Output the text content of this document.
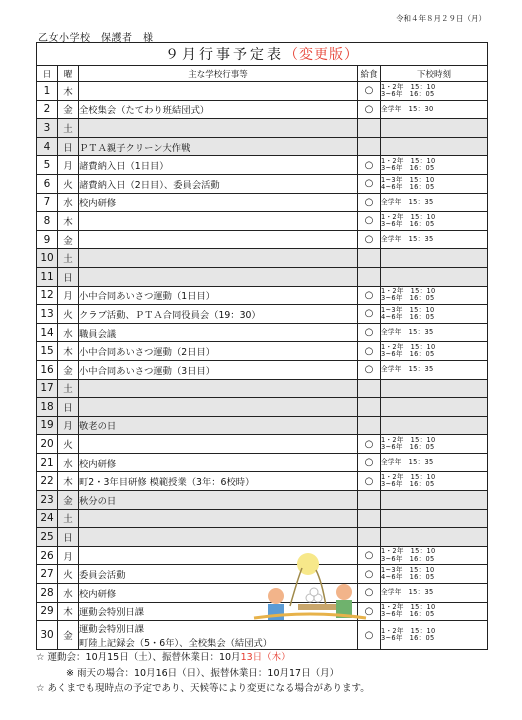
令和４年８月２９日（月）
乙女小学校　保護者　様
９月行事予定表（変更版）				
日	曜	主な学校行事等	給食	下校時刻
1	木		○	1・2年　15：10
3~6年　16：05

2	金	全校集会（たてわり班結団式）	○	全学年　15：30

3	土	

4	日	ＰＴＡ親子クリーン大作戦		

5	月	諸費納入日（1日目）	○	1・2年　15：10
3~6年　16：05

6	火	諸費納入日（2日目）、委員会活動	○	1~3年　15：10
4~6年　16：05

7	水	校内研修	○	全学年　15：35

8	木		○	1・2年　15：10
3~6年　16：05

9	金		○	全学年　15：35

10	土	

11	日	

12	月	小中合同あいさつ運動（1日目）	○	1・2年　15：10
3~6年　16：05

13	火	クラブ活動、ＰＴＡ合同役員会（19：30）	○	1~3年　15：10
4~6年　16：05

14	水	職員会議	○	全学年　15：35

15	木	小中合同あいさつ運動（2日目）	○	1・2年　15：10
3~6年　16：05

16	金	小中合同あいさつ運動（3日目）	○	全学年　15：35

17	土	

18	日	

19	月	敬老の日		

20	火		○	1・2年　15：10
3~6年　16：05

21	水	校内研修	○	全学年　15：35

22	木	町2・3年目研修 模範授業（3年：6校時）	○	1・2年　15：10
3~6年　16：05

23	金	秋分の日		

24	土	

25	日	

26	月		○	1・2年　15：10
3~6年　16：05

27	火	委員会活動	○	1~3年　15：10
4~6年　16：05

28	水	校内研修	○	全学年　15：35

29	木	運動会特別日課	○	1・2年　15：10
3~6年　16：05

30	金	運動会特別日課
町陸上記録会（5・6年）、全校集会（結団式）	○	1・2年　15：10
3~6年　16：05
☆ 運動会：10月15日（土）、振替休業日：10月13日（木）
※ 雨天の場合：10月16日（日）、振替休業日：10月17日（月）
☆ あくまでも現時点の予定であり、天候等により変更になる場合があります。
